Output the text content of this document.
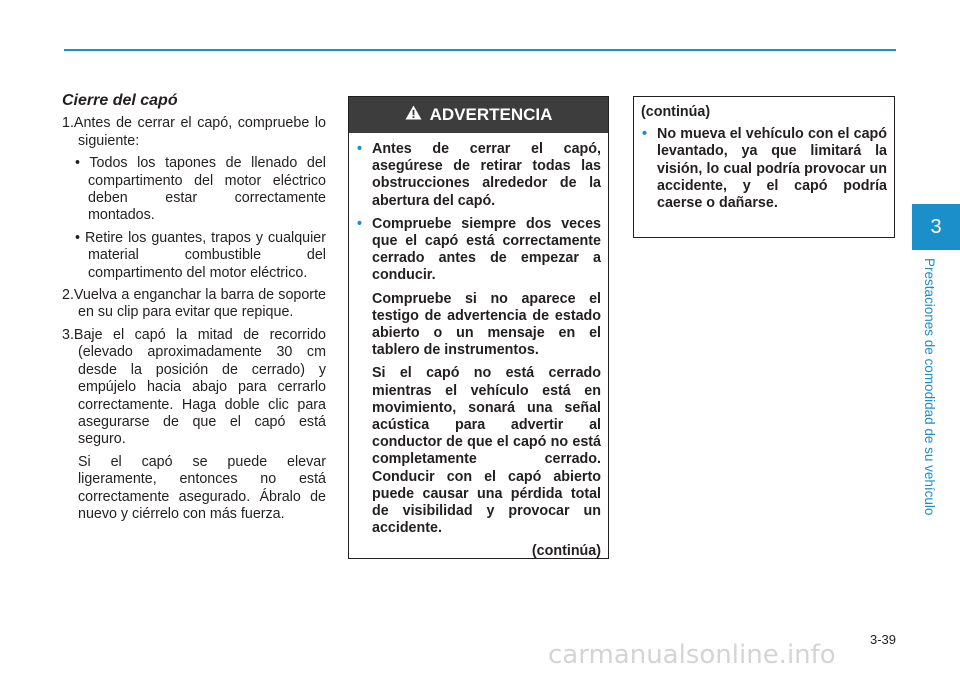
Cierre del capó
1.Antes de cerrar el capó, compruebe lo siguiente:
• Todos los tapones de llenado del compartimento del motor eléctrico deben estar correctamente montados.
• Retire los guantes, trapos y cualquier material combustible del compartimento del motor eléctrico.
2.Vuelva a enganchar la barra de soporte en su clip para evitar que repique.
3.Baje el capó la mitad de recorrido (elevado aproximadamente 30 cm desde la posición de cerrado) y empújelo hacia abajo para cerrarlo correctamente. Haga doble clic para asegurarse de que el capó está seguro.
Si el capó se puede elevar ligeramente, entonces no está correctamente asegurado. Ábralo de nuevo y ciérrelo con más fuerza.
ADVERTENCIA
• Antes de cerrar el capó, asegúrese de retirar todas las obstrucciones alrededor de la abertura del capó.
• Compruebe siempre dos veces que el capó está correctamente cerrado antes de empezar a conducir.
Compruebe si no aparece el testigo de advertencia de estado abierto o un mensaje en el tablero de instrumentos.
Si el capó no está cerrado mientras el vehículo está en movimiento, sonará una señal acústica para advertir al conductor de que el capó no está completamente cerrado. Conducir con el capó abierto puede causar una pérdida total de visibilidad y provocar un accidente.
(continúa)
(continúa)
• No mueva el vehículo con el capó levantado, ya que limitará la visión, lo cual podría provocar un accidente, y el capó podría caerse o dañarse.
3
Prestaciones de comodidad de su vehículo
3-39
carmanualsonline.info
